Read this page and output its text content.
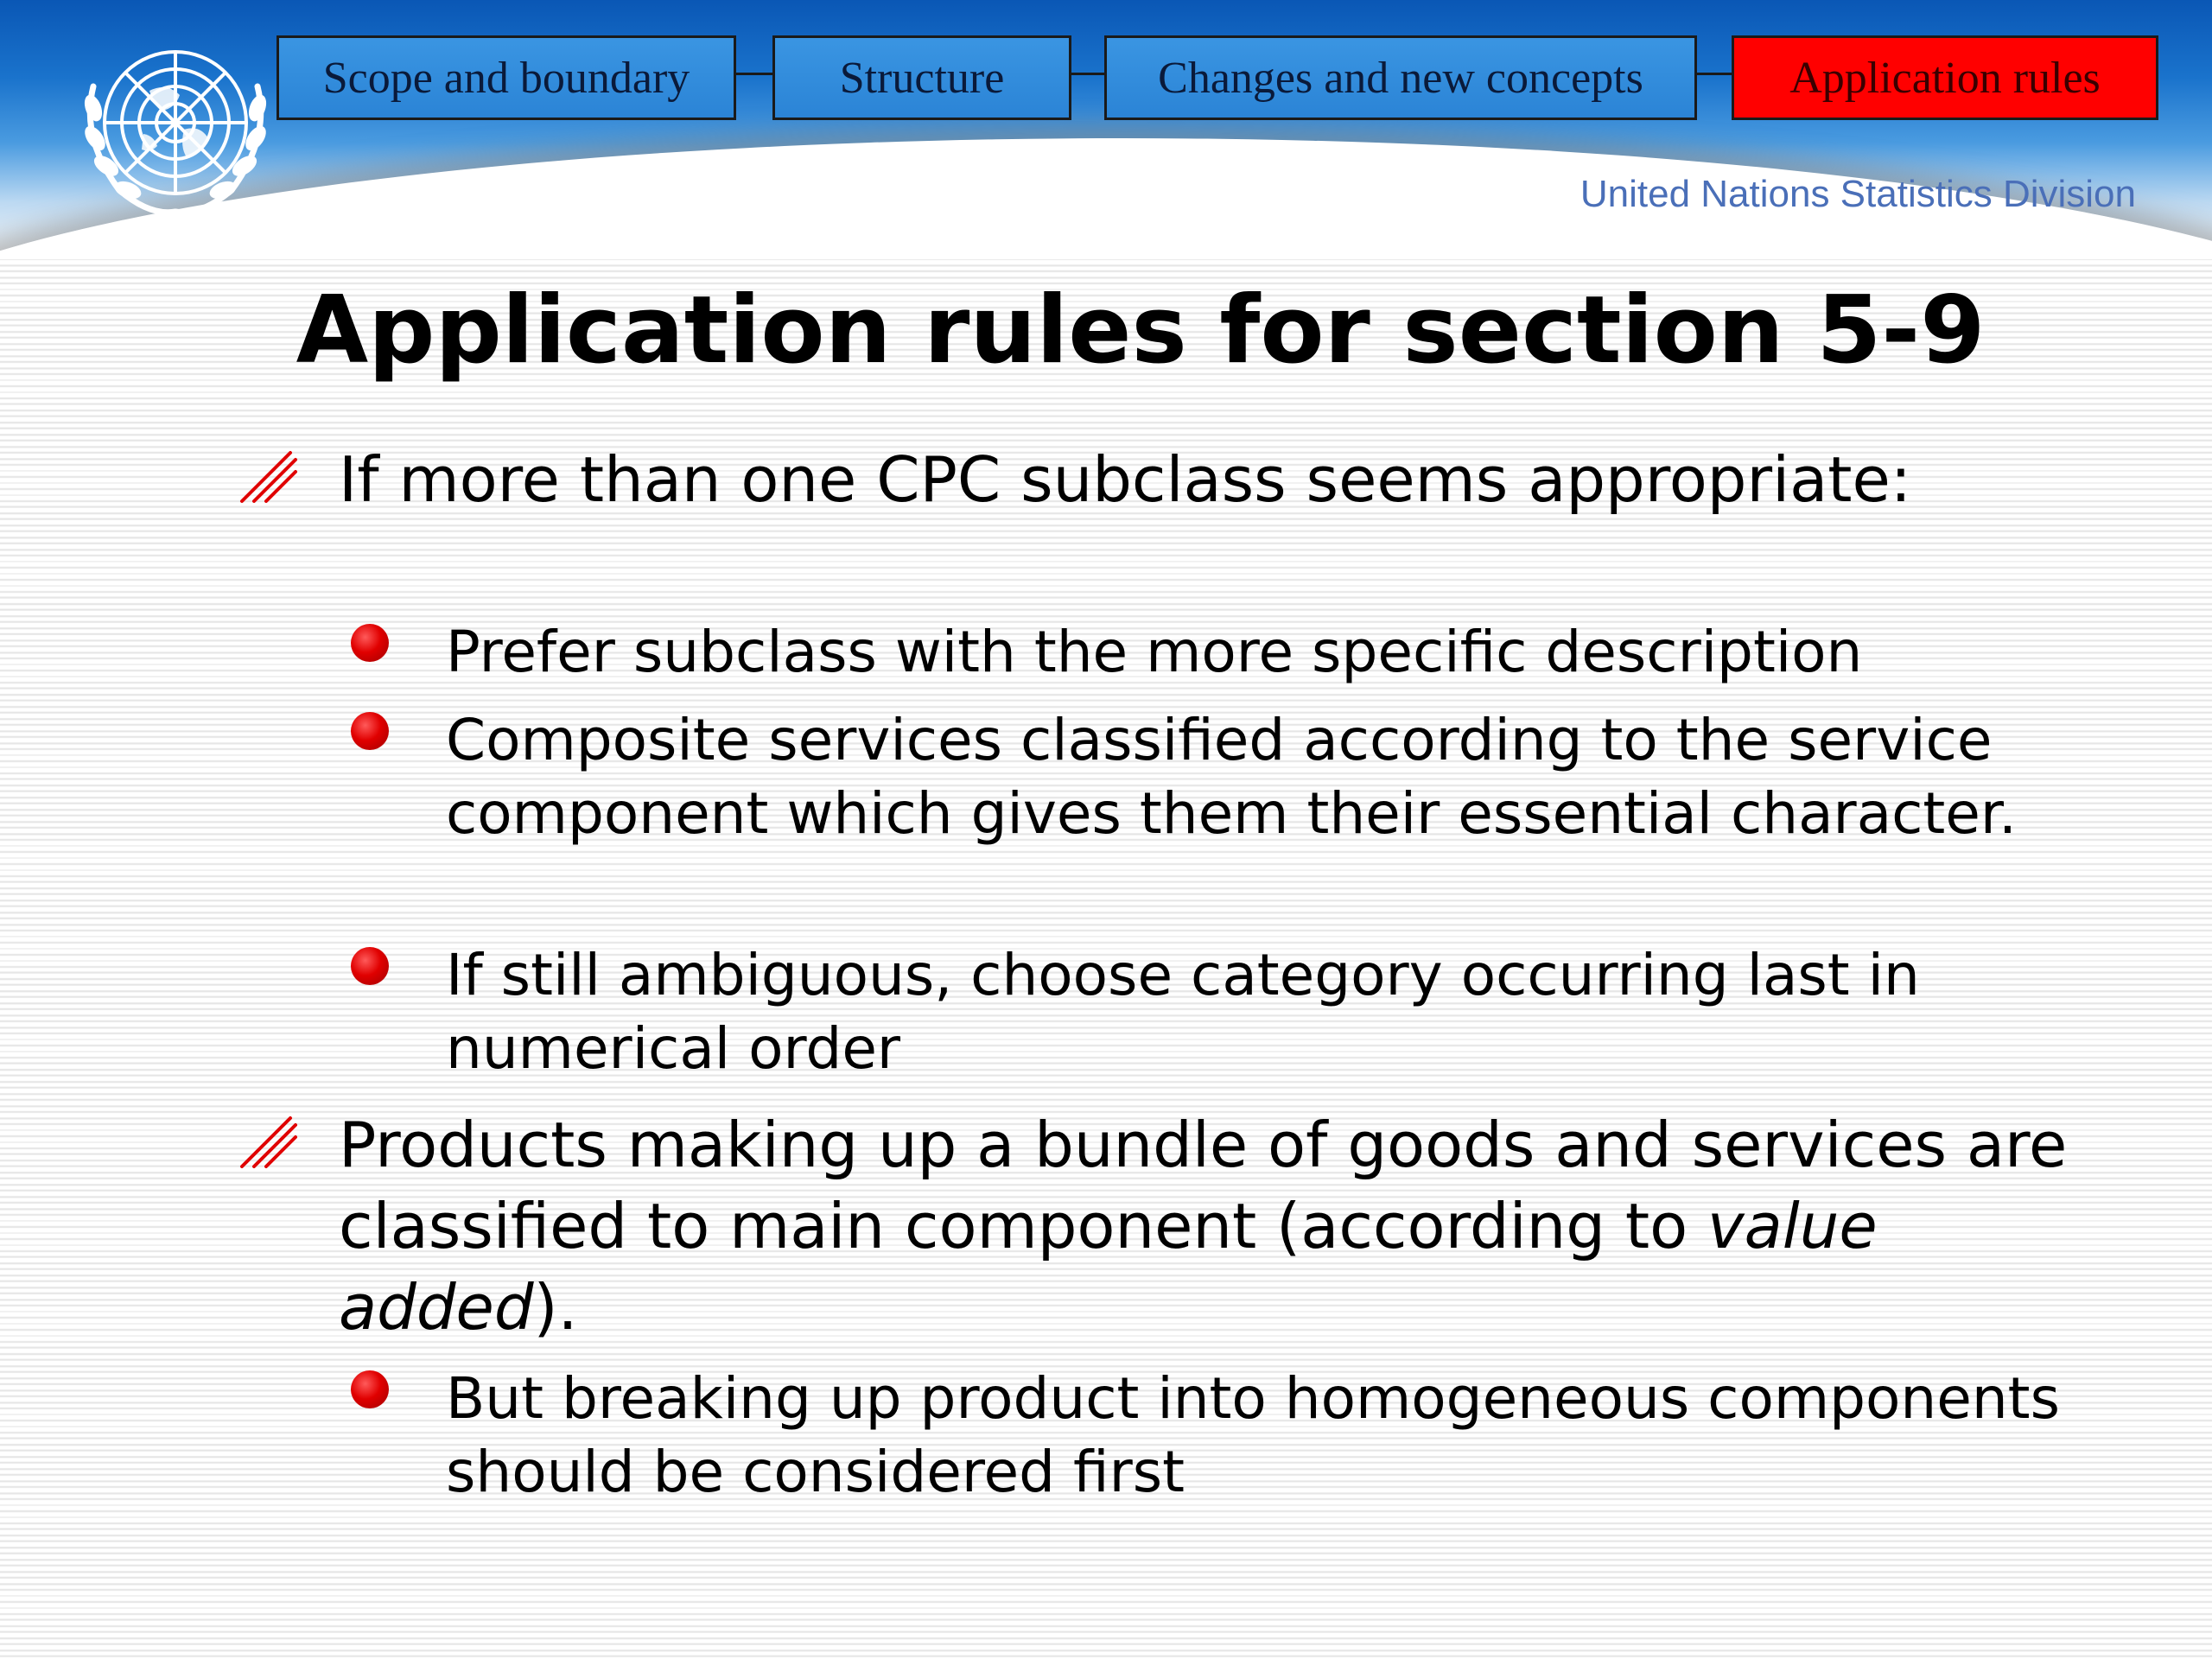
Scope and boundary	Structure	Changes and new concepts	Application rules
United Nations Statistics Division
Application rules for section 5-9
If more than one CPC subclass seems appropriate:
Prefer subclass with the more specific description
Composite services classified according to the service component which gives them their essential character.
If still ambiguous, choose category occurring last in numerical order
Products making up a bundle of goods and services are classified to main component (according to value added).
But breaking up product into homogeneous components should be considered first
